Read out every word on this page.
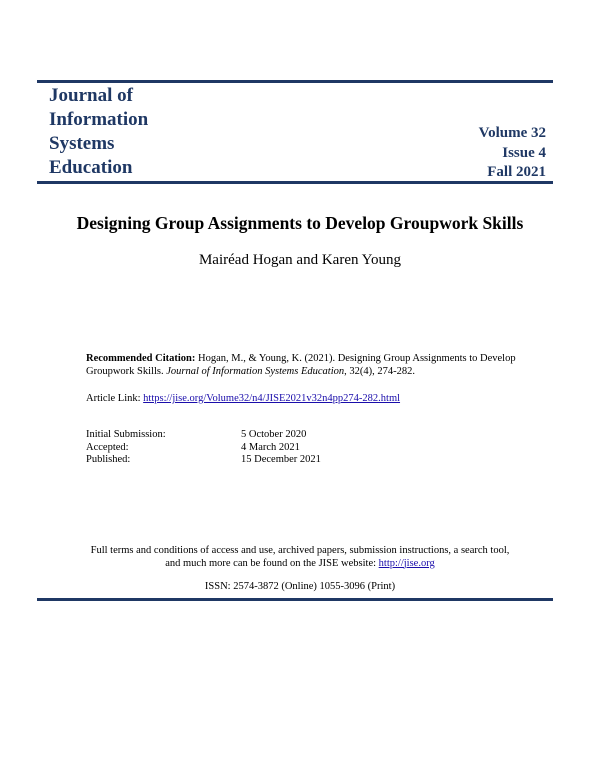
Journal of
Information
Systems
Education
Volume 32
Issue 4
Fall 2021
Designing Group Assignments to Develop Groupwork Skills
Mairéad Hogan and Karen Young
Recommended Citation: Hogan, M., & Young, K. (2021). Designing Group Assignments to Develop Groupwork Skills. Journal of Information Systems Education, 32(4), 274-282.
Article Link: https://jise.org/Volume32/n4/JISE2021v32n4pp274-282.html
Initial Submission:	5 October 2020
Accepted:	4 March 2021
Published:	15 December 2021
Full terms and conditions of access and use, archived papers, submission instructions, a search tool,
and much more can be found on the JISE website: http://jise.org
ISSN: 2574-3872 (Online) 1055-3096 (Print)
